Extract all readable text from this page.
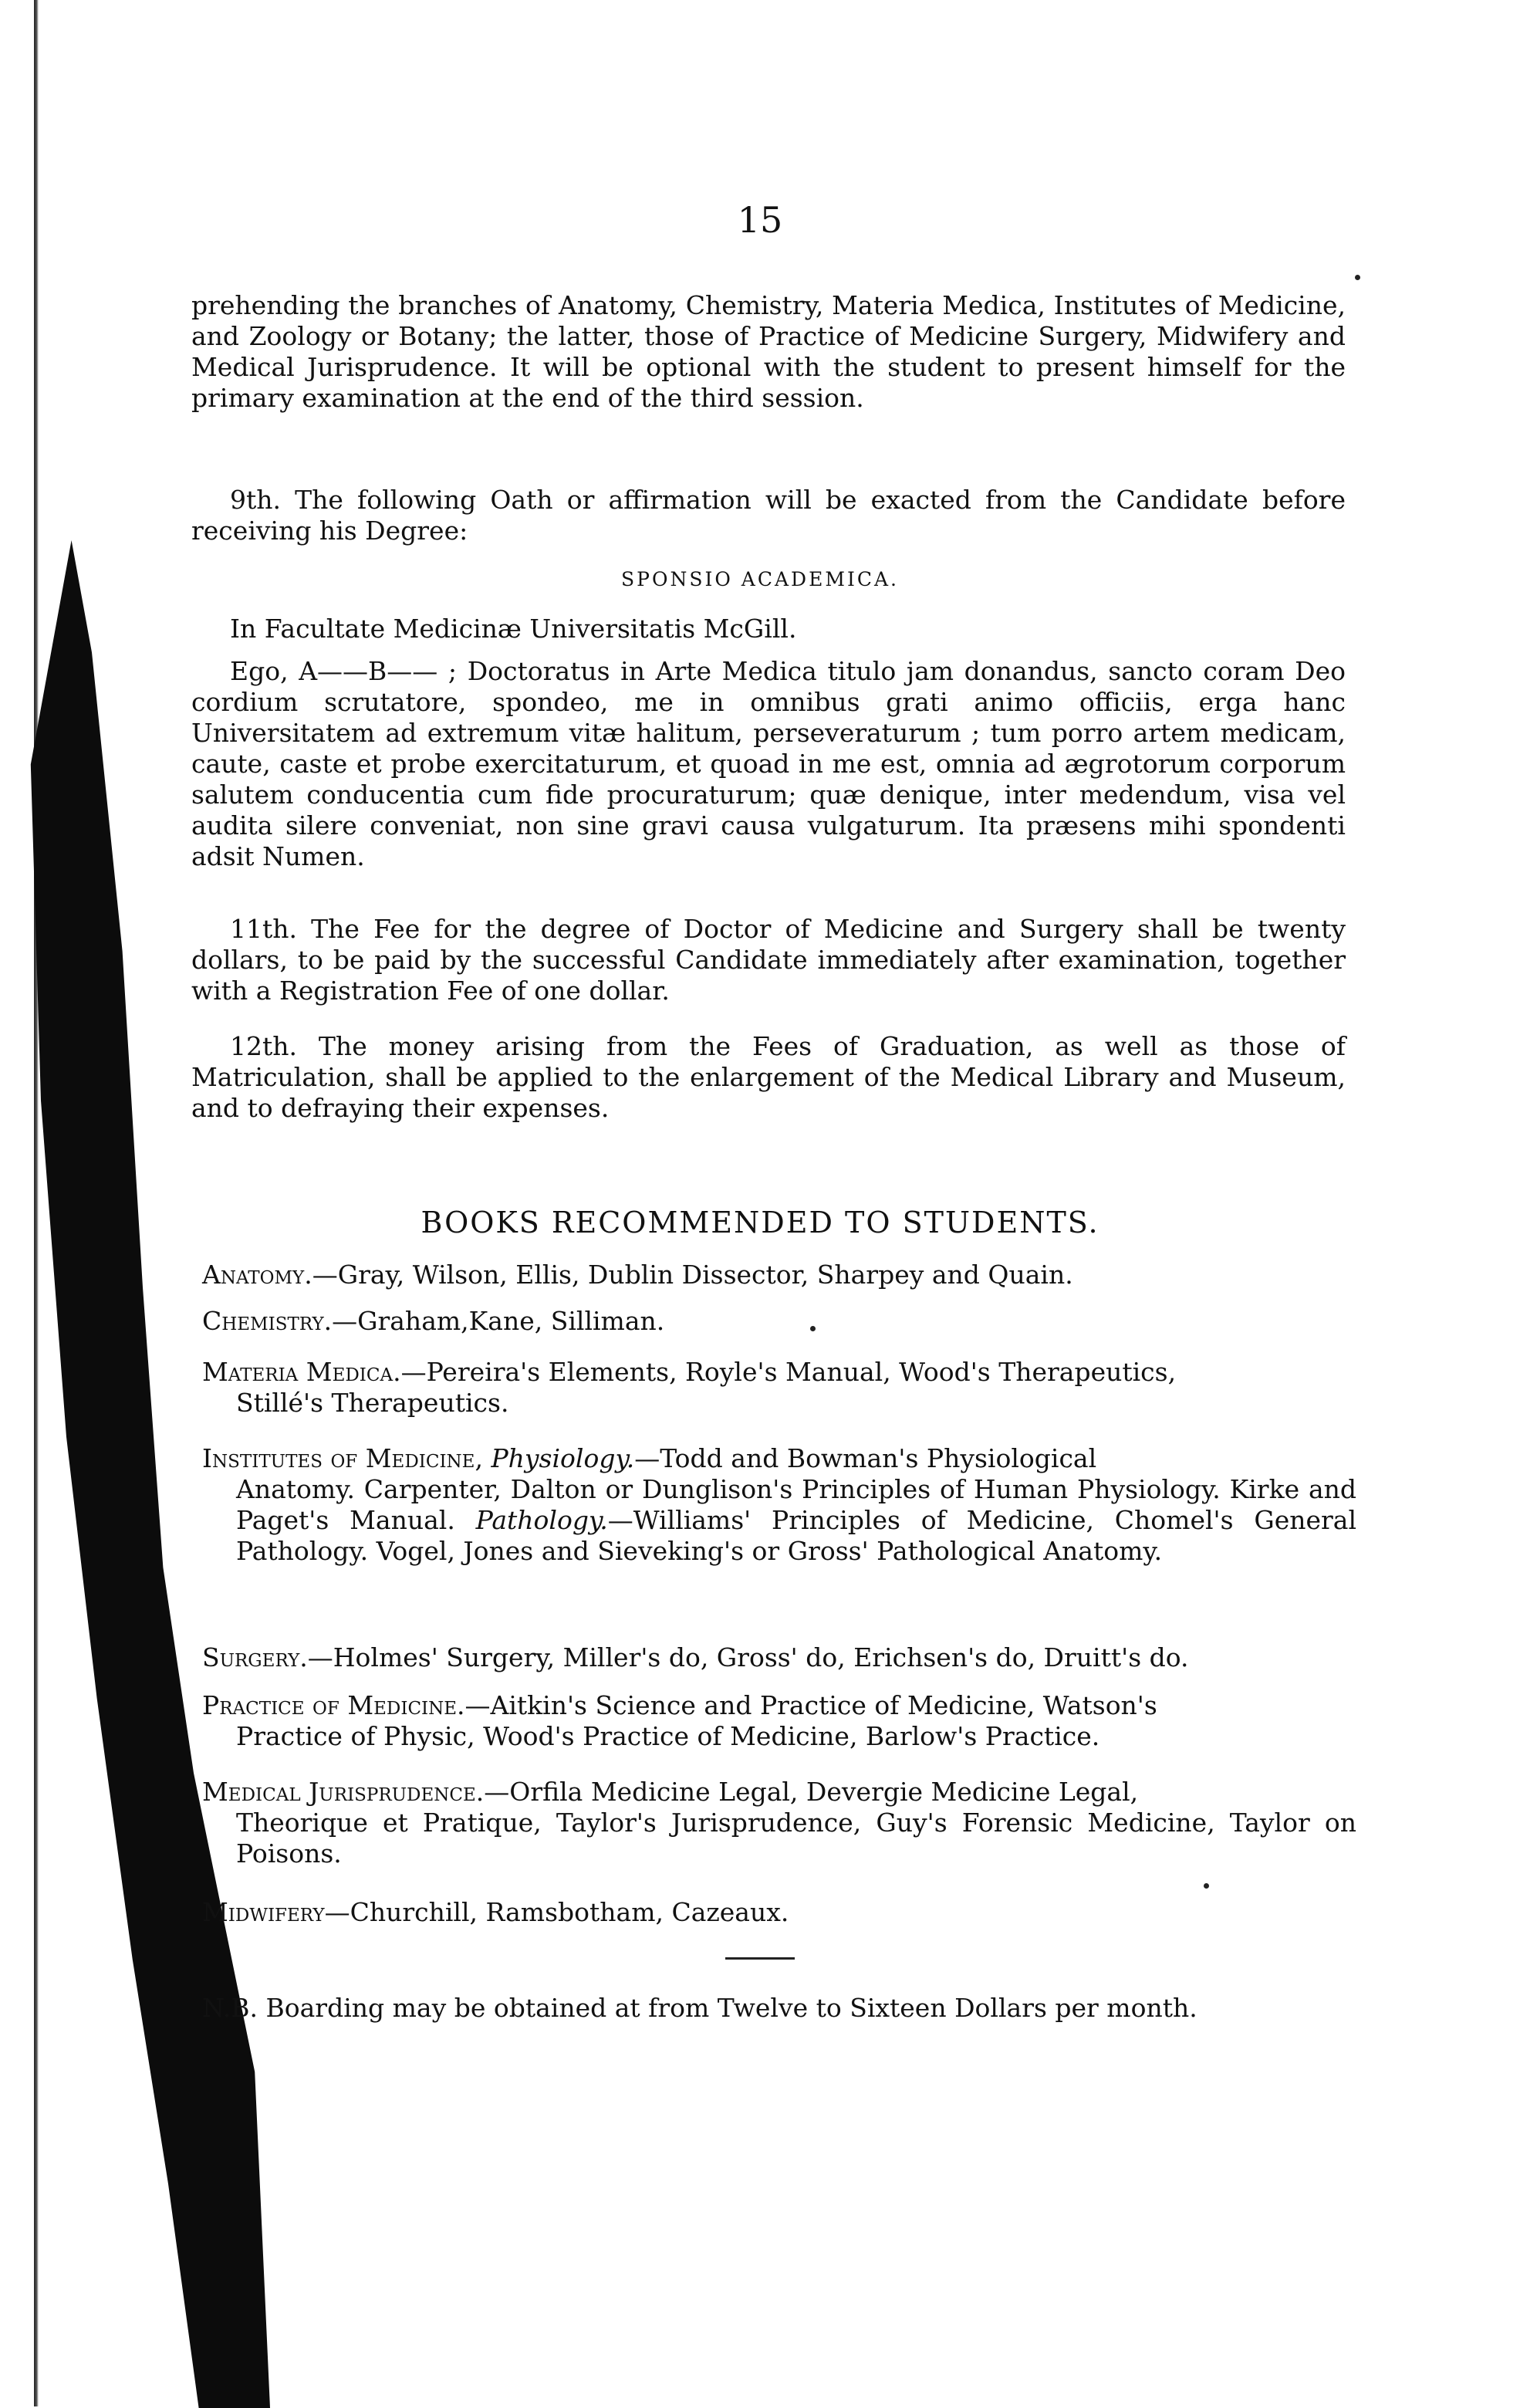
15
prehending the branches of Anatomy, Chemistry, Materia Medica, Institutes of Medicine, and Zoology or Botany; the latter, those of Practice of Medicine Surgery, Midwifery and Medical Jurisprudence. It will be optional with the student to present himself for the primary examination at the end of the third session.
9th. The following Oath or affirmation will be exacted from the Candidate before receiving his Degree:
SPONSIO ACADEMICA.
In Facultate Medicinæ Universitatis McGill.
Ego, A——B—— ; Doctoratus in Arte Medica titulo jam donandus, sancto coram Deo cordium scrutatore, spondeo, me in omnibus grati animo officiis, erga hanc Universitatem ad extremum vitæ halitum, perseveraturum ; tum porro artem medicam, caute, caste et probe exercitaturum, et quoad in me est, omnia ad ægrotorum corporum salutem conducentia cum fide procuraturum; quæ denique, inter medendum, visa vel audita silere conveniat, non sine gravi causa vulgaturum. Ita præsens mihi spondenti adsit Numen.
11th. The Fee for the degree of Doctor of Medicine and Surgery shall be twenty dollars, to be paid by the successful Candidate immediately after examination, together with a Registration Fee of one dollar.
12th. The money arising from the Fees of Graduation, as well as those of Matriculation, shall be applied to the enlargement of the Medical Library and Museum, and to defraying their expenses.
BOOKS RECOMMENDED TO STUDENTS.
Anatomy.—Gray, Wilson, Ellis, Dublin Dissector, Sharpey and Quain.
Chemistry.—Graham,Kane, Silliman.
Materia Medica.—Pereira's Elements, Royle's Manual, Wood's Therapeutics,
Stillé's Therapeutics.
Institutes of Medicine, Physiology.—Todd and Bowman's Physiological
Anatomy. Carpenter, Dalton or Dunglison's Principles of Human Physiology. Kirke and Paget's Manual. Pathology.—Williams' Principles of Medicine, Chomel's General Pathology. Vogel, Jones and Sieveking's or Gross' Pathological Anatomy.
Surgery.—Holmes' Surgery, Miller's do, Gross' do, Erichsen's do, Druitt's do.
Practice of Medicine.—Aitkin's Science and Practice of Medicine, Watson's
Practice of Physic, Wood's Practice of Medicine, Barlow's Practice.
Medical Jurisprudence.—Orfila Medicine Legal, Devergie Medicine Legal,
Theorique et Pratique, Taylor's Jurisprudence, Guy's Forensic Medicine, Taylor on Poisons.
Midwifery—Churchill, Ramsbotham, Cazeaux.
N.B. Boarding may be obtained at from Twelve to Sixteen Dollars per month.
